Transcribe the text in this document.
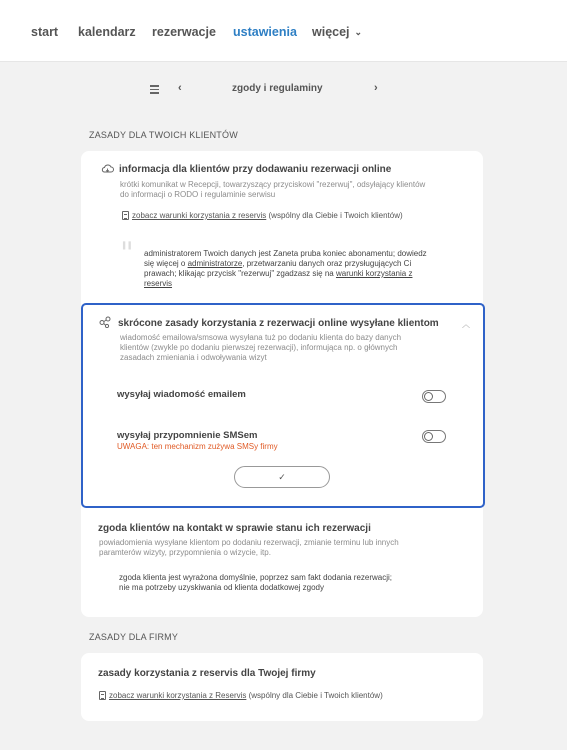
start kalendarz rezerwacje ustawienia więcej ⌄
‹	zgody i regulaminy	›
ZASADY DLA TWOICH KLIENTÓW
informacja dla klientów przy dodawaniu rezerwacji online
krótki komunikat w Recepcji, towarzyszący przyciskowi "rezerwuj", odsyłający klientów
do informacji o RODO i regulaminie serwisu
zobacz warunki korzystania z reservis (wspólny dla Ciebie i Twoich klientów)
" administratorem Twoich danych jest Zaneta pruba koniec abonamentu; dowiedz
się więcej o administratorze, przetwarzaniu danych oraz przysługujących Ci
prawach; klikając przycisk "rezerwuj" zgadzasz się na warunki korzystania z
reservis
skrócone zasady korzystania z rezerwacji online wysyłane klientom	︿
wiadomość emailowa/smsowa wysyłana tuż po dodaniu klienta do bazy danych
klientów (zwykle po dodaniu pierwszej rezerwacji), informująca np. o głównych
zasadach zmieniania i odwoływania wizyt
wysyłaj wiadomość emailem
wysyłaj przypomnienie SMSem
UWAGA: ten mechanizm zużywa SMSy firmy
✓
zgoda klientów na kontakt w sprawie stanu ich rezerwacji
powiadomienia wysyłane klientom po dodaniu rezerwacji, zmianie terminu lub innych
paramterów wizyty, przypomnienia o wizycie, itp.
zgoda klienta jest wyrażona domyślnie, poprzez sam fakt dodania rezerwacji;
nie ma potrzeby uzyskiwania od klienta dodatkowej zgody
ZASADY DLA FIRMY
zasady korzystania z reservis dla Twojej firmy
zobacz warunki korzystania z Reservis (wspólny dla Ciebie i Twoich klientów)
